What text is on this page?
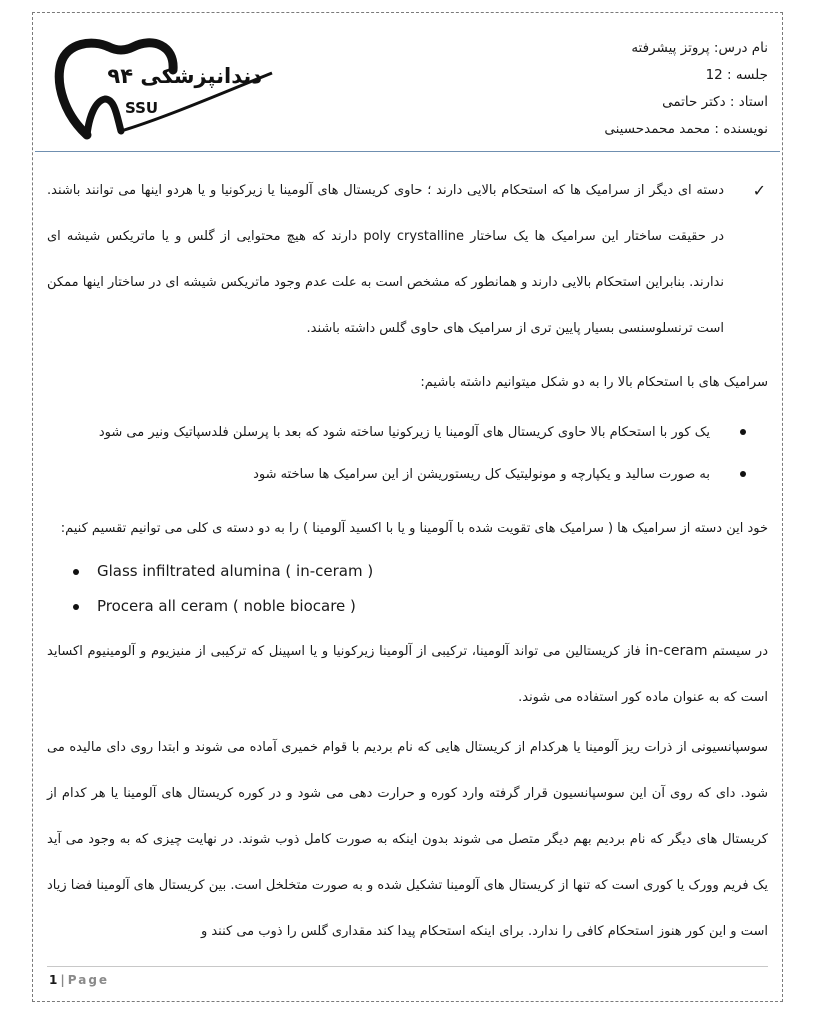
دندانپزشکی ۹۴
SSU
نام درس: پروتز پیشرفته
جلسه : 12
استاد : دکتر حاتمی
نویسنده : محمد محمدحسینی

✓
دسته ای دیگر از سرامیک ها که استحکام بالایی دارند ؛ حاوی کریستال های آلومینا یا زیرکونیا و یا هردو اینها می توانند باشند. در حقیقت ساختار این سرامیک ها یک ساختار poly crystalline دارند که هیچ محتوایی از گلس و یا ماتریکس شیشه ای ندارند. بنابراین استحکام بالایی دارند و همانطور که مشخص است به علت عدم وجود ماتریکس شیشه ای در ساختار اینها ممکن است ترنسلوسنسی بسیار پایین تری از سرامیک های حاوی گلس داشته باشند.

سرامیک های با استحکام بالا را به دو شکل میتوانیم داشته باشیم:

یک کور با استحکام بالا حاوی کریستال های آلومینا یا زیرکونیا ساخته شود که بعد با پرسلن فلدسپاتیک ونیر می شود
به صورت سالید و یکپارچه و مونولیتیک کل ریستوریشن از این سرامیک ها ساخته شود

خود این دسته از سرامیک ها ( سرامیک های تقویت شده با آلومینا و یا با اکسید آلومینا ) را به دو دسته ی کلی می توانیم تقسیم کنیم:

Glass infiltrated alumina ( in-ceram )
Procera all ceram ( noble biocare )

در سیستم in-ceram فاز کریستالین می تواند آلومینا، ترکیبی از آلومینا زیرکونیا و یا اسپینل که ترکیبی از منیزیوم و آلومینیوم اکساید است که به عنوان ماده کور استفاده می شوند.

سوسپانسیونی از ذرات ریز آلومینا یا هرکدام از کریستال هایی که نام بردیم با قوام خمیری آماده می شوند و ابتدا روی دای مالیده می شود. دای که روی آن این سوسپانسیون قرار گرفته وارد کوره و حرارت دهی می شود و در کوره کریستال های آلومینا یا هر کدام از کریستال های دیگر که نام بردیم بهم دیگر متصل می شوند بدون اینکه به صورت کامل ذوب شوند. در نهایت چیزی که به وجود می آید یک فریم وورک یا کوری است که تنها از کریستال های آلومینا تشکیل شده و به صورت متخلخل است. بین کریستال های آلومینا فضا زیاد است و این کور هنوز استحکام کافی را ندارد. برای اینکه استحکام پیدا کند مقداری گلس را ذوب می کنند و

1 | Page
